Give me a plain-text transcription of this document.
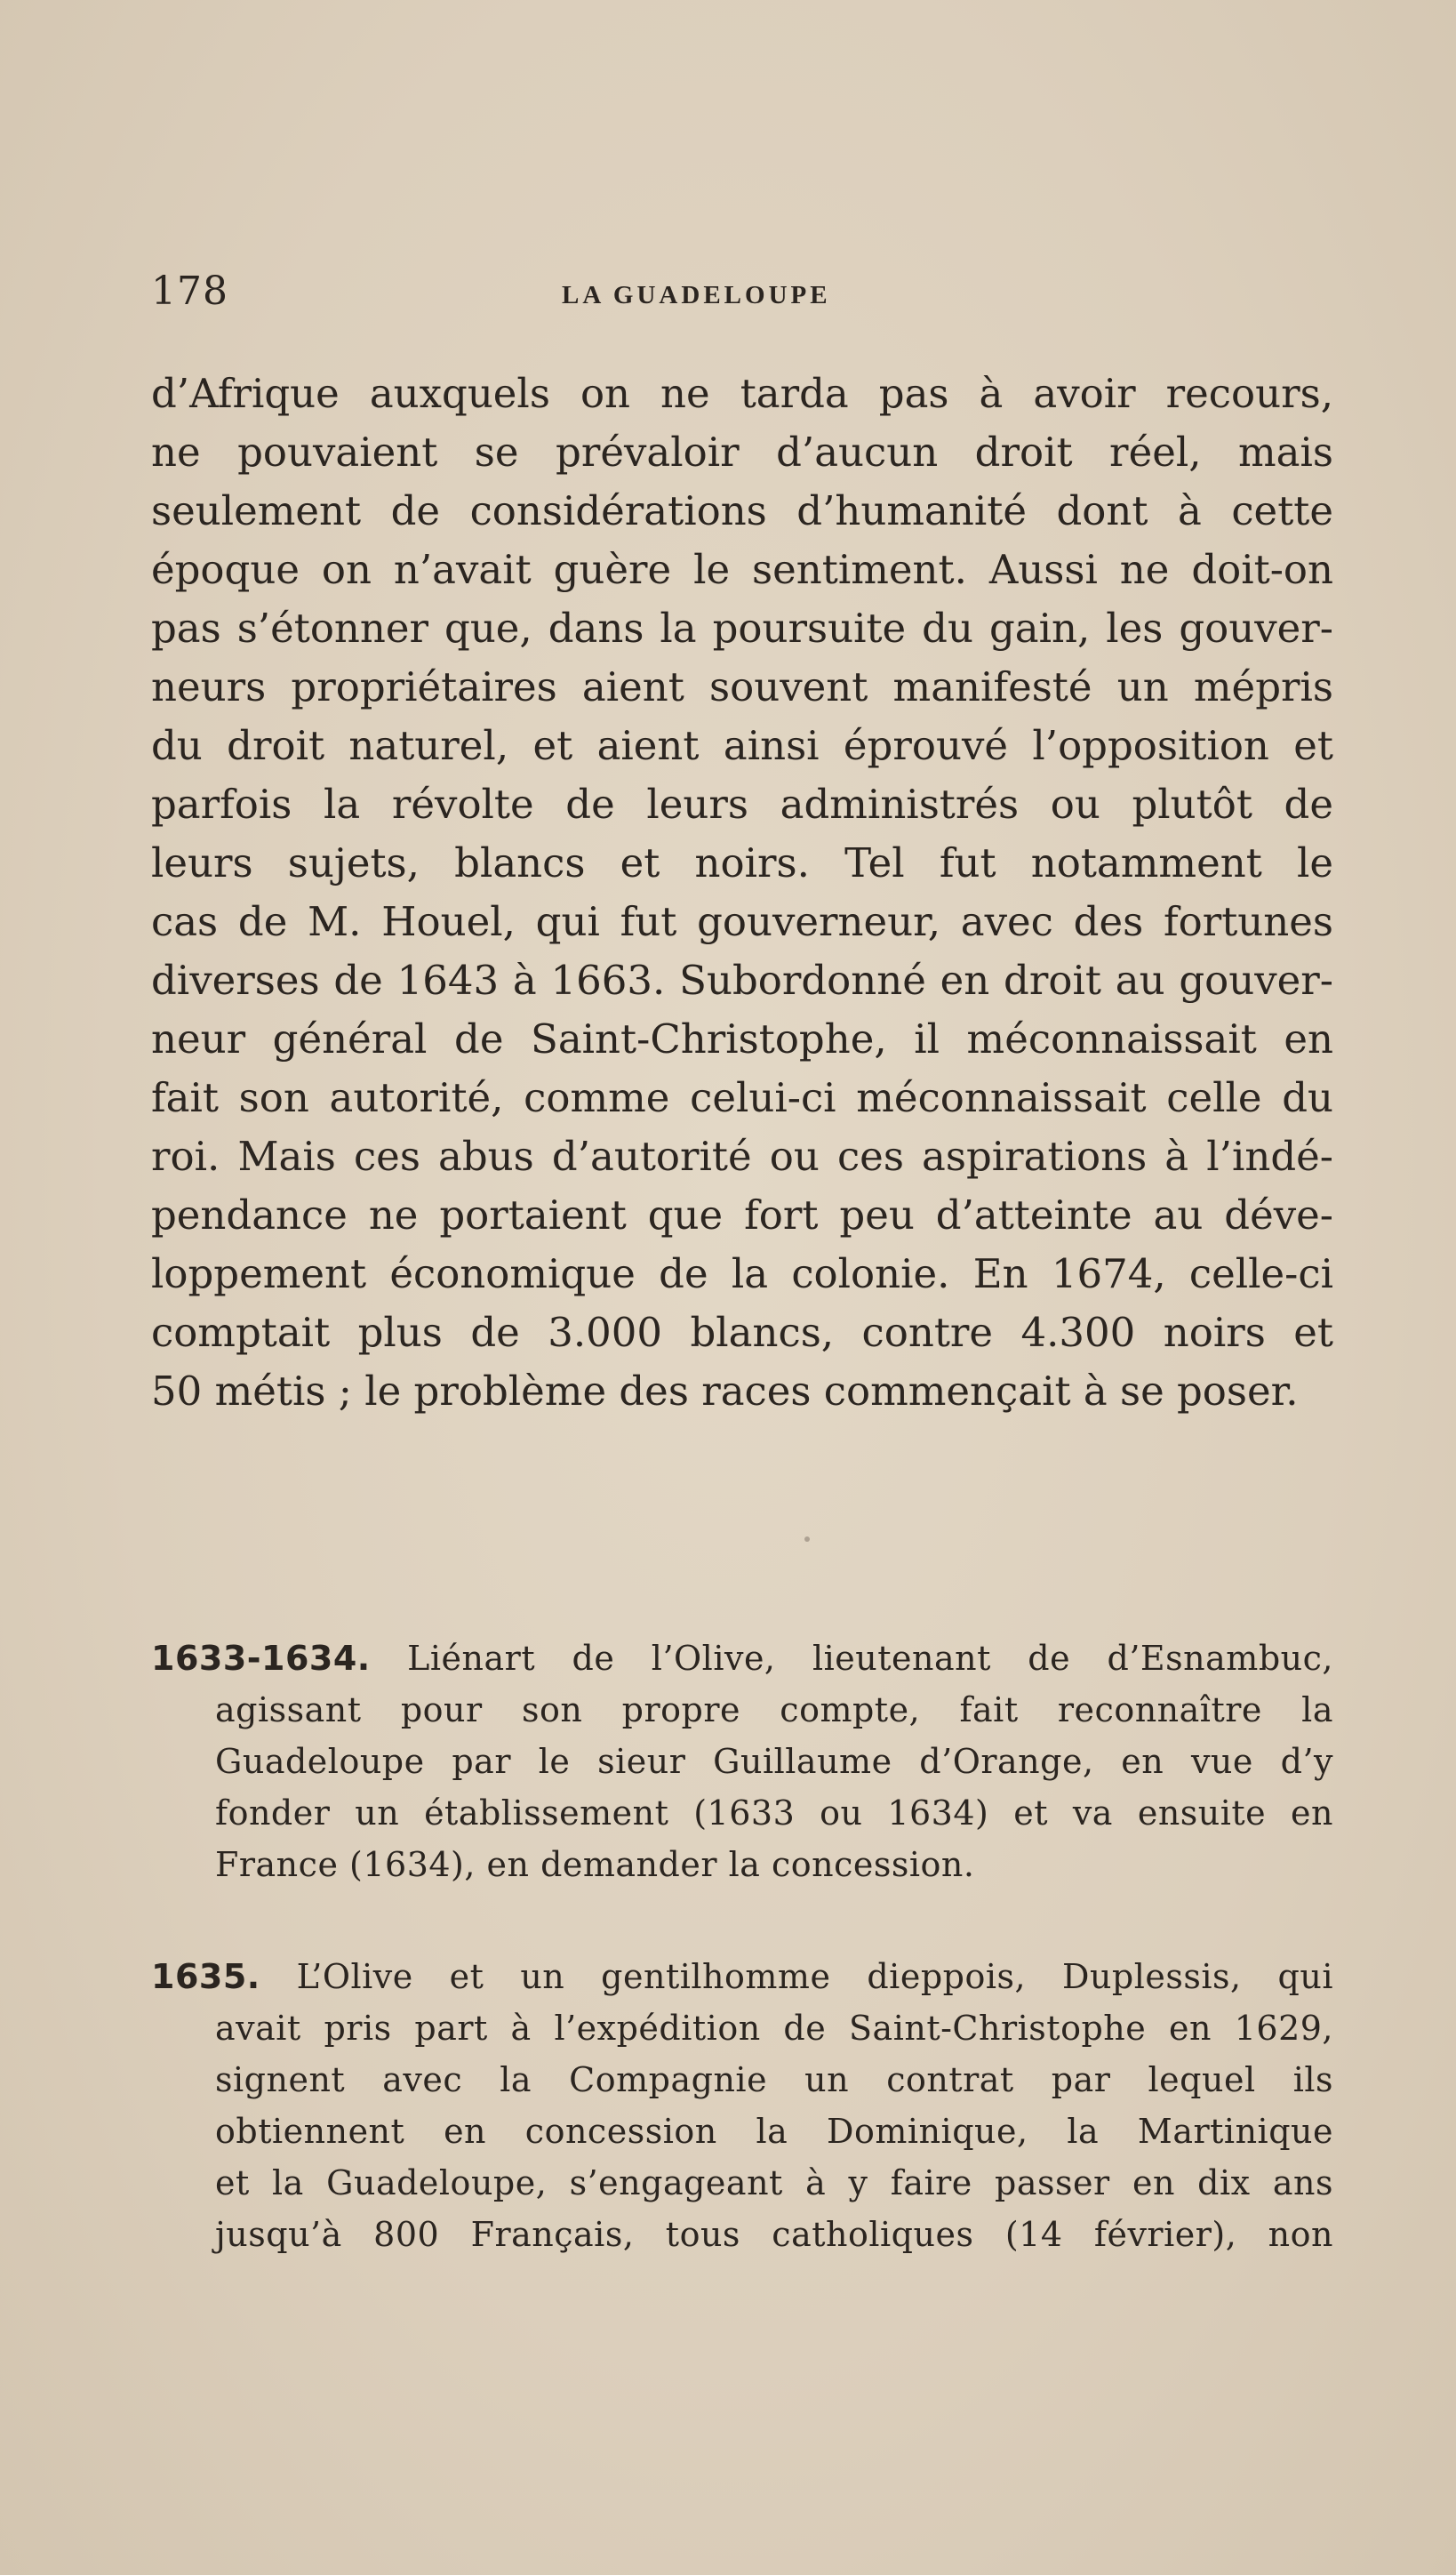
178	LA GUADELOUPE
d’Afrique auxquels on ne tarda pas à avoir recours,
ne pouvaient se prévaloir d’aucun droit réel, mais
seulement de considérations d’humanité dont à cette
époque on n’avait guère le sentiment. Aussi ne doit-on
pas s’étonner que, dans la poursuite du gain, les gouver-
neurs propriétaires aient souvent manifesté un mépris
du droit naturel, et aient ainsi éprouvé l’opposition et
parfois la révolte de leurs administrés ou plutôt de
leurs sujets, blancs et noirs. Tel fut notamment le
cas de M. Houel, qui fut gouverneur, avec des fortunes
diverses de 1643 à 1663. Subordonné en droit au gouver-
neur général de Saint-Christophe, il méconnaissait en
fait son autorité, comme celui-ci méconnaissait celle du
roi. Mais ces abus d’autorité ou ces aspirations à l’indé-
pendance ne portaient que fort peu d’atteinte au déve-
loppement économique de la colonie. En 1674, celle-ci
comptait plus de 3.000 blancs, contre 4.300 noirs et
50 métis ; le problème des races commençait à se poser.
1633-1634. Liénart de l’Olive, lieutenant de d’Esnambuc,
agissant pour son propre compte, fait reconnaître la
Guadeloupe par le sieur Guillaume d’Orange, en vue d’y
fonder un établissement (1633 ou 1634) et va ensuite en
France (1634), en demander la concession.
1635. L’Olive et un gentilhomme dieppois, Duplessis, qui
avait pris part à l’expédition de Saint-Christophe en 1629,
signent avec la Compagnie un contrat par lequel ils
obtiennent en concession la Dominique, la Martinique
et la Guadeloupe, s’engageant à y faire passer en dix ans
jusqu’à 800 Français, tous catholiques (14 février), non
